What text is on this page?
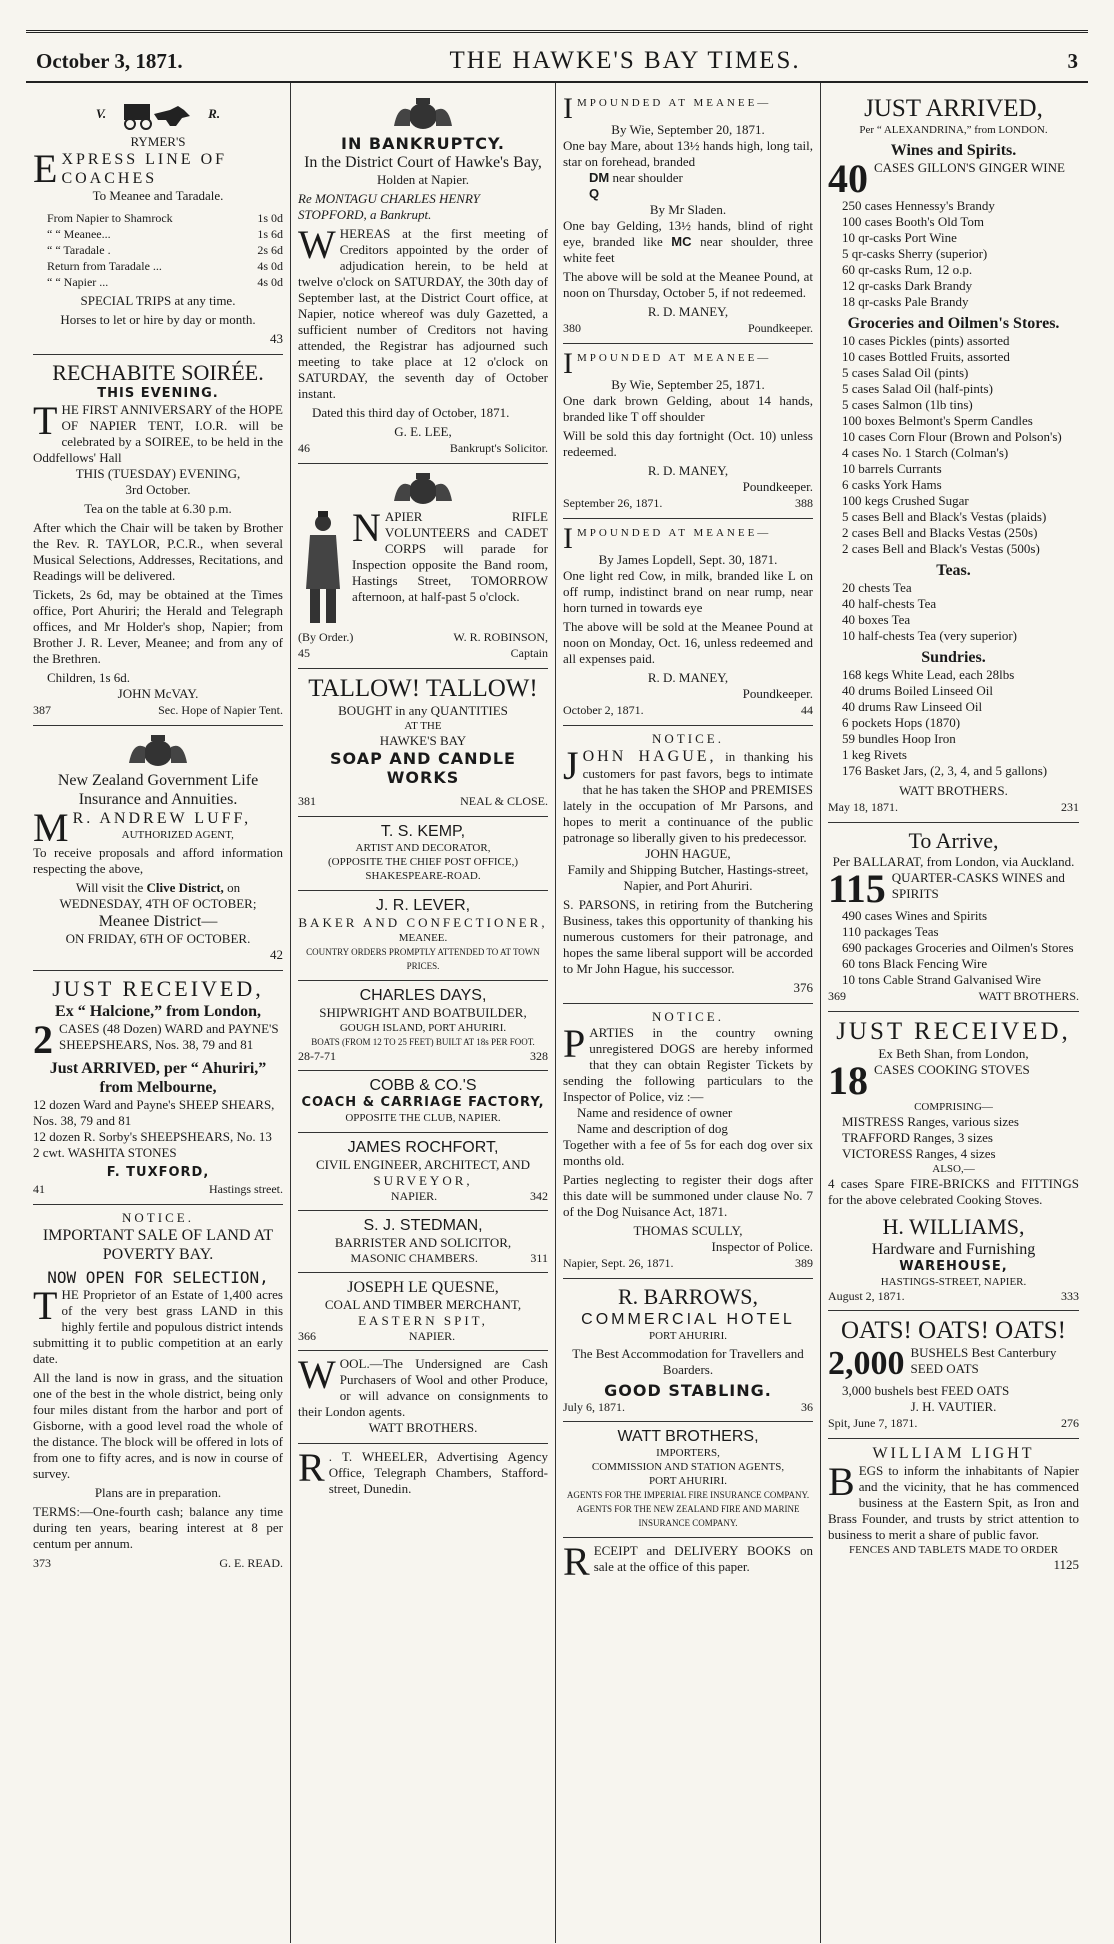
October 3, 1871.	THE HAWKE'S BAY TIMES.	3
V.	R.
RYMER'S
E XPRESS LINE OF COACHES
To Meanee and Taradale.
From Napier to Shamrock	1s 0d
“ “ Meanee...	1s 6d
“ “ Taradale .	2s 6d
Return from Taradale ...	4s 0d
“ “ Napier ...	4s 0d

SPECIAL TRIPS at any time.

Horses to let or hire by day or month.

43
RECHABITE SOIRÉE.
THIS EVENING.
THE FIRST ANNIVERSARY of the HOPE OF NAPIER TENT, I.O.R. will be celebrated by a SOIREE, to be held in the Oddfellows' Hall
THIS (TUESDAY) EVENING,
3rd October.

Tea on the table at 6.30 p.m.

After which the Chair will be taken by Brother the Rev. R. TAYLOR, P.C.R., when several Musical Selections, Addresses, Recitations, and Readings will be delivered.

Tickets, 2s 6d, may be obtained at the Times office, Port Ahuriri; the Herald and Telegraph offices, and Mr Holder's shop, Napier; from Brother J. R. Lever, Meanee; and from any of the Brethren.

Children, 1s 6d.
JOHN McVAY.
387	Sec. Hope of Napier Tent.
New Zealand Government Life
Insurance and Annuities.
M R. ANDREW LUFF,
AUTHORIZED AGENT,

To receive proposals and afford information respecting the above,

Will visit the Clive District, on
WEDNESDAY, 4TH OF OCTOBER;
Meanee District—
ON FRIDAY, 6TH OF OCTOBER.
42
JUST RECEIVED,
Ex “ Halcione,” from London,
2 CASES (48 Dozen) WARD and PAYNE'S SHEEPSHEARS, Nos. 38, 79 and 81
Just ARRIVED, per “ Ahuriri,”
from Melbourne,
12 dozen Ward and Payne's SHEEP SHEARS, Nos. 38, 79 and 81
12 dozen R. Sorby's SHEEPSHEARS, No. 13
2 cwt. WASHITA STONES
F. TUXFORD,
41	Hastings street.
NOTICE.
IMPORTANT SALE OF LAND AT POVERTY BAY.
NOW OPEN FOR SELECTION,
THE Proprietor of an Estate of 1,400 acres of the very best grass LAND in this highly fertile and populous district intends submitting it to public competition at an early date.

All the land is now in grass, and the situation one of the best in the whole district, being only four miles distant from the harbor and port of Gisborne, with a good level road the whole of the distance. The block will be offered in lots of from one to fifty acres, and is now in course of survey.

Plans are in preparation.

TERMS:—One-fourth cash; balance any time during ten years, bearing interest at 8 per centum per annum.

373	G. E. READ.
IN BANKRUPTCY.
In the District Court of Hawke's Bay,
Holden at Napier.

Re MONTAGU CHARLES HENRY STOPFORD, a Bankrupt.

WHEREAS at the first meeting of Creditors appointed by the order of adjudication herein, to be held at twelve o'clock on SATURDAY, the 30th day of September last, at the District Court office, at Napier, notice whereof was duly Gazetted, a sufficient number of Creditors not having attended, the Registrar has adjourned such meeting to take place at 12 o'clock on SATURDAY, the seventh day of October instant.

Dated this third day of October, 1871.

G. E. LEE,
46	Bankrupt's Solicitor.
NAPIER RIFLE VOLUNTEERS and CADET CORPS will parade for Inspection opposite the Band room, Hastings Street, TOMORROW afternoon, at half-past 5 o'clock.
(By Order.)	W. R. ROBINSON,
45	Captain
TALLOW! TALLOW!
BOUGHT in any QUANTITIES
AT THE
HAWKE'S BAY
SOAP AND CANDLE WORKS
381	NEAL & CLOSE.
T. S. KEMP,
ARTIST AND DECORATOR,
(OPPOSITE THE CHIEF POST OFFICE,)
SHAKESPEARE-ROAD.
J. R. LEVER,
BAKER AND CONFECTIONER,
MEANEE.
COUNTRY ORDERS PROMPTLY ATTENDED TO AT TOWN PRICES.
CHARLES DAYS,
SHIPWRIGHT AND BOATBUILDER,
GOUGH ISLAND, PORT AHURIRI.
BOATS (FROM 12 TO 25 FEET) BUILT AT 18s PER FOOT.
28-7-71	328
COBB & CO.'S
COACH & CARRIAGE FACTORY,
OPPOSITE THE CLUB, NAPIER.
JAMES ROCHFORT,
CIVIL ENGINEER, ARCHITECT, AND
SURVEYOR,
NAPIER.	342
S. J. STEDMAN,
BARRISTER AND SOLICITOR,
MASONIC CHAMBERS.	311
JOSEPH LE QUESNE,
COAL AND TIMBER MERCHANT,
EASTERN SPIT,
366	NAPIER.
WOOL.—The Undersigned are Cash Purchasers of Wool and other Produce, or will advance on consignments to their London agents.
WATT BROTHERS.
R . T. WHEELER, Advertising Agency Office, Telegraph Chambers, Stafford-street, Dunedin.
IMPOUNDED AT MEANEE—
By Wie, September 20, 1871.
One bay Mare, about 13½ hands high, long tail, star on forehead, branded
DM near shoulder
Q
By Mr Sladen.
One bay Gelding, 13½ hands, blind of right eye, branded like MC near shoulder, three white feet

The above will be sold at the Meanee Pound, at noon on Thursday, October 5, if not redeemed.

R. D. MANEY,
380	Poundkeeper.
IMPOUNDED AT MEANEE—
By Wie, September 25, 1871.
One dark brown Gelding, about 14 hands, branded like T off shoulder

Will be sold this day fortnight (Oct. 10) unless redeemed.

R. D. MANEY,
Poundkeeper.
September 26, 1871.	388
IMPOUNDED AT MEANEE—
By James Lopdell, Sept. 30, 1871.
One light red Cow, in milk, branded like L on off rump, indistinct brand on near rump, near horn turned in towards eye

The above will be sold at the Meanee Pound at noon on Monday, Oct. 16, unless redeemed and all expenses paid.

R. D. MANEY,
Poundkeeper.
October 2, 1871.	44
NOTICE.
JOHN HAGUE, in thanking his customers for past favors, begs to intimate that he has taken the SHOP and PREMISES lately in the occupation of Mr Parsons, and hopes to merit a continuance of the public patronage so liberally given to his predecessor.
JOHN HAGUE,
Family and Shipping Butcher, Hastings-street, Napier, and Port Ahuriri.

S. PARSONS, in retiring from the Butchering Business, takes this opportunity of thanking his numerous customers for their patronage, and hopes the same liberal support will be accorded to Mr John Hague, his successor.

376
NOTICE.
PARTIES in the country owning unregistered DOGS are hereby informed that they can obtain Register Tickets by sending the following particulars to the Inspector of Police, viz :—
Name and residence of owner
Name and description of dog
Together with a fee of 5s for each dog over six months old.

Parties neglecting to register their dogs after this date will be summoned under clause No. 7 of the Dog Nuisance Act, 1871.

THOMAS SCULLY,
Inspector of Police.
Napier, Sept. 26, 1871.	389
R. BARROWS,
COMMERCIAL HOTEL
PORT AHURIRI.

The Best Accommodation for Travellers and Boarders.

GOOD STABLING.
July 6, 1871.	36
WATT BROTHERS,
IMPORTERS,
COMMISSION AND STATION AGENTS,
PORT AHURIRI.
AGENTS FOR THE IMPERIAL FIRE INSURANCE COMPANY.
AGENTS FOR THE NEW ZEALAND FIRE AND MARINE INSURANCE COMPANY.
RECEIPT and DELIVERY BOOKS on sale at the office of this paper.
JUST ARRIVED,
Per “ ALEXANDRINA,” from LONDON.
Wines and Spirits.
40 CASES GILLON'S GINGER WINE
250 cases Hennessy's Brandy
100 cases Booth's Old Tom
10 qr-casks Port Wine
5 qr-casks Sherry (superior)
60 qr-casks Rum, 12 o.p.
12 qr-casks Dark Brandy
18 qr-casks Pale Brandy
Groceries and Oilmen's Stores.
10 cases Pickles (pints) assorted
10 cases Bottled Fruits, assorted
5 cases Salad Oil (pints)
5 cases Salad Oil (half-pints)
5 cases Salmon (1lb tins)
100 boxes Belmont's Sperm Candles
10 cases Corn Flour (Brown and Polson's)
4 cases No. 1 Starch (Colman's)
10 barrels Currants
6 casks York Hams
100 kegs Crushed Sugar
5 cases Bell and Black's Vestas (plaids)
2 cases Bell and Blacks Vestas (250s)
2 cases Bell and Black's Vestas (500s)
Teas.
20 chests Tea
40 half-chests Tea
40 boxes Tea
10 half-chests Tea (very superior)
Sundries.
168 kegs White Lead, each 28lbs
40 drums Boiled Linseed Oil
40 drums Raw Linseed Oil
6 pockets Hops (1870)
59 bundles Hoop Iron
1 keg Rivets
176 Basket Jars, (2, 3, 4, and 5 gallons)
WATT BROTHERS.
May 18, 1871.	231
To Arrive,
Per BALLARAT, from London, via Auckland.
115 QUARTER-CASKS WINES and SPIRITS
490 cases Wines and Spirits
110 packages Teas
690 packages Groceries and Oilmen's Stores
60 tons Black Fencing Wire
10 tons Cable Strand Galvanised Wire
369	WATT BROTHERS.
JUST RECEIVED,
Ex Beth Shan, from London,
18 CASES COOKING STOVES
COMPRISING—
MISTRESS Ranges, various sizes
TRAFFORD Ranges, 3 sizes
VICTORESS Ranges, 4 sizes
ALSO,—
4 cases Spare FIRE-BRICKS and FITTINGS for the above celebrated Cooking Stoves.
H. WILLIAMS,
Hardware and Furnishing
WAREHOUSE,
HASTINGS-STREET, NAPIER.
August 2, 1871.	333
OATS! OATS! OATS!
2,000 BUSHELS Best Canterbury SEED OATS
3,000 bushels best FEED OATS
J. H. VAUTIER.
Spit, June 7, 1871.	276
WILLIAM LIGHT
BEGS to inform the inhabitants of Napier and the vicinity, that he has commenced business at the Eastern Spit, as Iron and Brass Founder, and trusts by strict attention to business to merit a share of public favor.
FENCES AND TABLETS MADE TO ORDER
1125
